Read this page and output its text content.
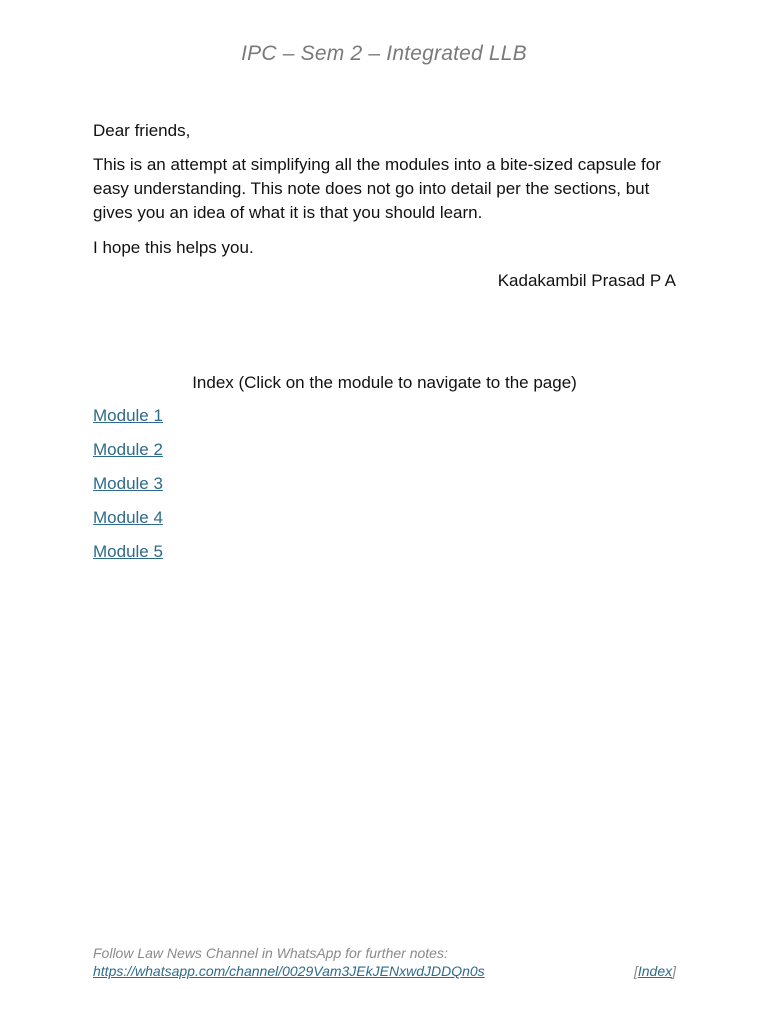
IPC – Sem 2 – Integrated LLB
Dear friends,
This is an attempt at simplifying all the modules into a bite-sized capsule for easy understanding. This note does not go into detail per the sections, but gives you an idea of what it is that you should learn.
I hope this helps you.
Kadakambil Prasad P A
Index (Click on the module to navigate to the page)
Module 1
Module 2
Module 3
Module 4
Module 5
Follow Law News Channel in WhatsApp for further notes:
https://whatsapp.com/channel/0029Vam3JEkJENxwdJDDQn0s	[Index]
